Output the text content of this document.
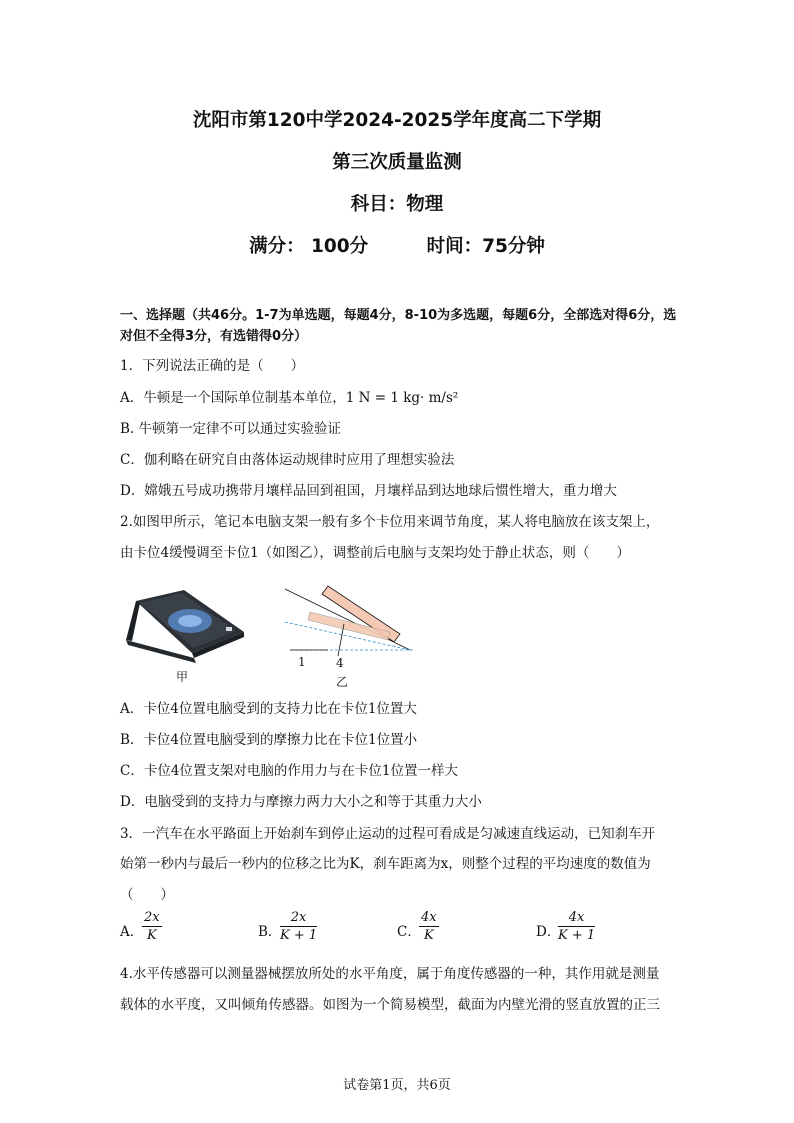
沈阳市第120中学2024-2025学年度高二下学期
第三次质量监测
科目：物理
满分： 100分	时间：75分钟
一、选择题（共46分。1-7为单选题，每题4分，8-10为多选题，每题6分，全部选对得6分，选对但不全得3分，有选错得0分）
1．下列说法正确的是（　　）
A．牛顿是一个国际单位制基本单位，1 N = 1 kg· m/s²
B. 牛顿第一定律不可以通过实验验证
C．伽利略在研究自由落体运动规律时应用了理想实验法
D．嫦娥五号成功携带月壤样品回到祖国，月壤样品到达地球后惯性增大，重力增大
2.如图甲所示，笔记本电脑支架一般有多个卡位用来调节角度，某人将电脑放在该支架上，
由卡位4缓慢调至卡位1（如图乙），调整前后电脑与支架均处于静止状态，则（　　）
甲
1	4
乙
A．卡位4位置电脑受到的支持力比在卡位1位置大
B．卡位4位置电脑受到的摩擦力比在卡位1位置小
C．卡位4位置支架对电脑的作用力与在卡位1位置一样大
D．电脑受到的支持力与摩擦力两力大小之和等于其重力大小
3．一汽车在水平路面上开始刹车到停止运动的过程可看成是匀减速直线运动，已知刹车开
始第一秒内与最后一秒内的位移之比为K，刹车距离为x，则整个过程的平均速度的数值为
（　　）
A．
$\frac{2x}{K}$	B．
$\frac{2x}{K + 1}$	C．
$\frac{4x}{K}$	D．
$\frac{4x}{K + 1}$
4.水平传感器可以测量器械摆放所处的水平角度，属于角度传感器的一种，其作用就是测量
载体的水平度，又叫倾角传感器。如图为一个简易模型，截面为内壁光滑的竖直放置的正三
试卷第1页，共6页
